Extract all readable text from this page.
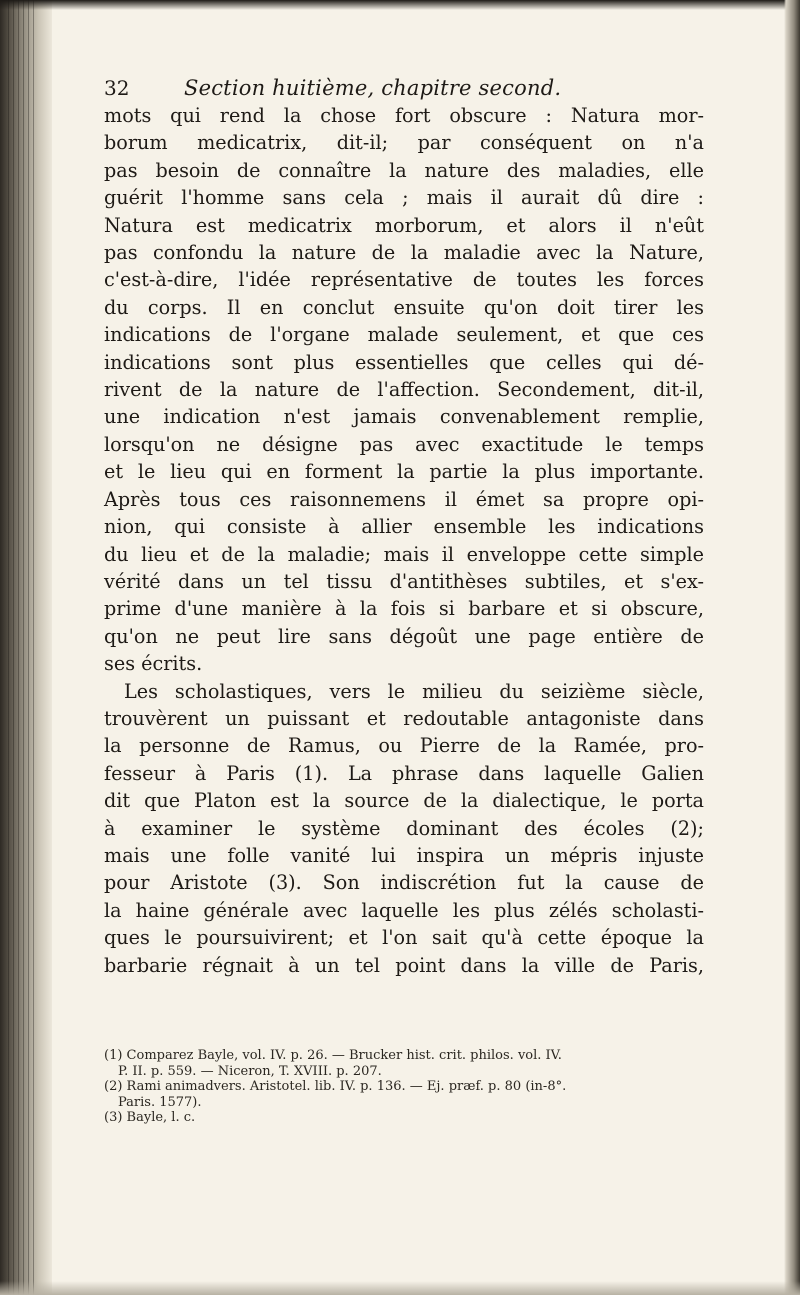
32	Section huitième, chapitre second.
mots qui rend la chose fort obscure : Natura mor-
borum medicatrix, dit-il; par conséquent on n'a
pas besoin de connaître la nature des maladies, elle
guérit l'homme sans cela ; mais il aurait dû dire :
Natura est medicatrix morborum, et alors il n'eût
pas confondu la nature de la maladie avec la Nature,
c'est-à-dire, l'idée représentative de toutes les forces
du corps. Il en conclut ensuite qu'on doit tirer les
indications de l'organe malade seulement, et que ces
indications sont plus essentielles que celles qui dé-
rivent de la nature de l'affection. Secondement, dit-il,
une indication n'est jamais convenablement remplie,
lorsqu'on ne désigne pas avec exactitude le temps
et le lieu qui en forment la partie la plus importante.
Après tous ces raisonnemens il émet sa propre opi-
nion, qui consiste à allier ensemble les indications
du lieu et de la maladie; mais il enveloppe cette simple
vérité dans un tel tissu d'antithèses subtiles, et s'ex-
prime d'une manière à la fois si barbare et si obscure,
qu'on ne peut lire sans dégoût une page entière de
ses écrits.
Les scholastiques, vers le milieu du seizième siècle,
trouvèrent un puissant et redoutable antagoniste dans
la personne de Ramus, ou Pierre de la Ramée, pro-
fesseur à Paris (1). La phrase dans laquelle Galien
dit que Platon est la source de la dialectique, le porta
à examiner le système dominant des écoles (2);
mais une folle vanité lui inspira un mépris injuste
pour Aristote (3). Son indiscrétion fut la cause de
la haine générale avec laquelle les plus zélés scholasti-
ques le poursuivirent; et l'on sait qu'à cette époque la
barbarie régnait à un tel point dans la ville de Paris,
(1) Comparez Bayle, vol. IV. p. 26. — Brucker hist. crit. philos. vol. IV.
P. II. p. 559. — Niceron, T. XVIII. p. 207.
(2) Rami animadvers. Aristotel. lib. IV. p. 136. — Ej. præf. p. 80 (in-8°.
Paris. 1577).
(3) Bayle, l. c.
